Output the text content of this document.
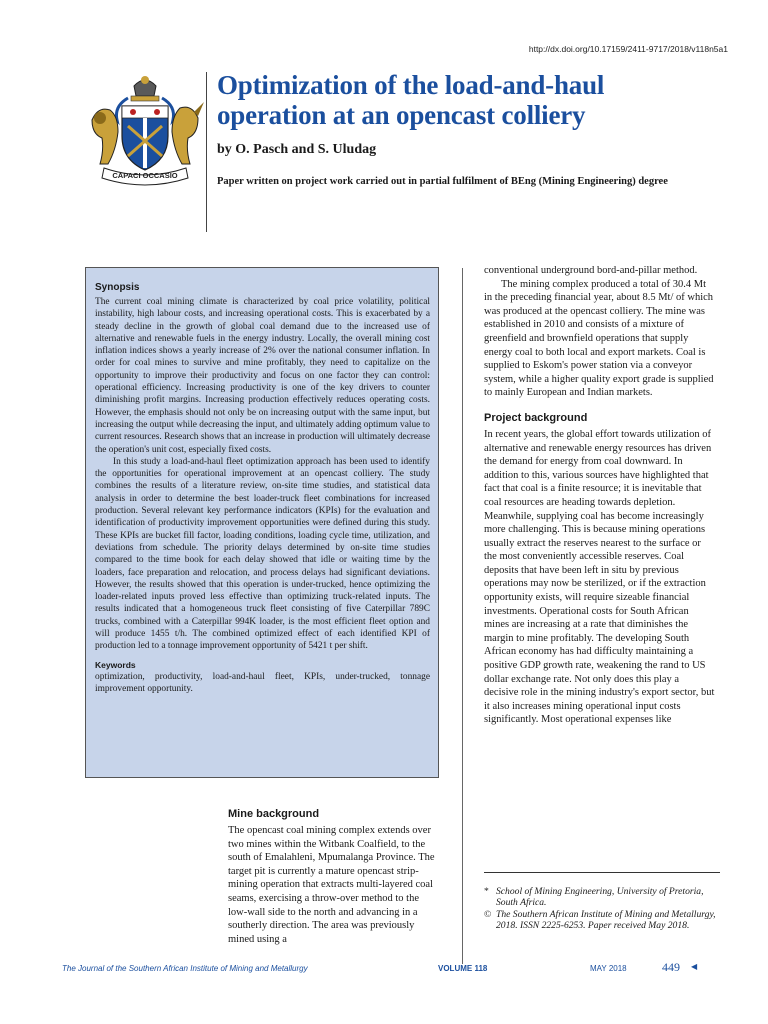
http://dx.doi.org/10.17159/2411-9717/2018/v118n5a1
CAPACI OCCASIO
Optimization of the load-and-haul operation at an opencast colliery
by O. Pasch and S. Uludag
Paper written on project work carried out in partial fulfilment of BEng (Mining Engineering) degree
Synopsis

The current coal mining climate is characterized by coal price volatility, political instability, high labour costs, and increasing operational costs. This is exacerbated by a steady decline in the growth of global coal demand due to the increased use of alternative and renewable fuels in the energy industry. Locally, the overall mining cost inflation indices shows a yearly increase of 2% over the national consumer inflation. In order for coal mines to survive and mine profitably, they need to capitalize on the opportunity to improve their productivity and focus on one factor they can control: operational efficiency. Increasing productivity is one of the key drivers to counter diminishing profit margins. Increasing production effectively reduces operating costs. However, the emphasis should not only be on increasing output with the same input, but increasing the output while decreasing the input, and ultimately adding optimum value to current resources. Research shows that an increase in production will ultimately decrease the operation's unit cost, especially fixed costs.

In this study a load-and-haul fleet optimization approach has been used to identify the opportunities for operational improvement at an opencast colliery. The study combines the results of a literature review, on-site time studies, and statistical data analysis in order to determine the best loader-truck fleet combinations for increased production. Several relevant key performance indicators (KPIs) for the evaluation and identification of productivity improvement opportunities were defined during this study. These KPIs are bucket fill factor, loading conditions, loading cycle time, utilization, and deviations from schedule. The priority delays determined by on-site time studies compared to the time book for each delay showed that idle or waiting time by the loaders, face preparation and relocation, and process delays had significant deviations. However, the results showed that this operation is under-trucked, hence optimizing the loader-related inputs proved less effective than optimizing truck-related inputs. The results indicated that a homogeneous truck fleet consisting of five Caterpillar 789C trucks, combined with a Caterpillar 994K loader, is the most efficient fleet option and will produce 1455 t/h. The combined optimized effect of each identified KPI of production led to a tonnage improvement opportunity of 5421 t per shift.

Keywords

optimization, productivity, load-and-haul fleet, KPIs, under-trucked, tonnage improvement opportunity.

Mine background

The opencast coal mining complex extends over two mines within the Witbank Coalfield, to the south of Emalahleni, Mpumalanga Province. The target pit is currently a mature opencast strip-mining operation that extracts multi-layered coal seams, exercising a throw-over method to the low-wall side to the north and advancing in a southerly direction. The area was previously mined using a

conventional underground bord-and-pillar method.

The mining complex produced a total of 30.4 Mt in the preceding financial year, about 8.5 Mt/ of which was produced at the opencast colliery. The mine was established in 2010 and consists of a mixture of greenfield and brownfield operations that supply energy coal to both local and export markets. Coal is supplied to Eskom's power station via a conveyor system, while a higher quality export grade is supplied to mainly European and Indian markets.

Project background

In recent years, the global effort towards utilization of alternative and renewable energy resources has driven the demand for energy from coal downward. In addition to this, various sources have highlighted that fact that coal is a finite resource; it is inevitable that coal resources are heading towards depletion. Meanwhile, supplying coal has become increasingly more challenging. This is because mining operations usually extract the reserves nearest to the surface or the most conveniently accessible reserves. Coal deposits that have been left in situ by previous operations may now be sterilized, or if the extraction opportunity exists, will require sizeable financial investments. Operational costs for South African mines are increasing at a rate that diminishes the margin to mine profitably. The developing South African economy has had difficulty maintaining a positive GDP growth rate, weakening the rand to US dollar exchange rate. Not only does this play a decisive role in the mining industry's export sector, but it also increases mining operational input costs significantly. Most operational expenses like

* School of Mining Engineering, University of Pretoria, South Africa.

© The Southern African Institute of Mining and Metallurgy, 2018. ISSN 2225-6253. Paper received May 2018.

The Journal of the Southern African Institute of Mining and Metallurgy	VOLUME 118	MAY 2018	449 ◀
